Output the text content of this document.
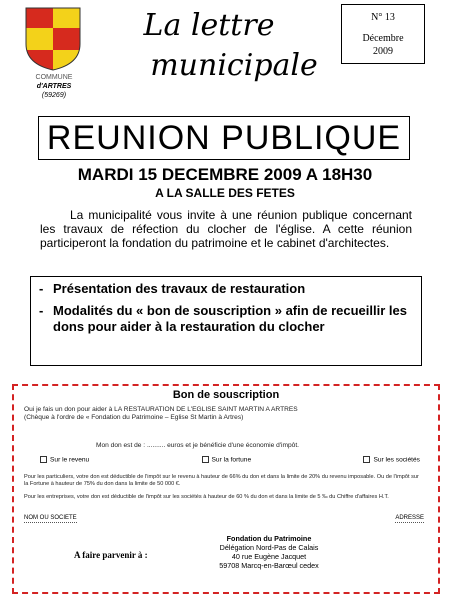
COMMUNE
d'ARTRES
(59269)
La lettre
municipale
N° 13
Décembre
2009
REUNION PUBLIQUE
MARDI 15 DECEMBRE 2009 A 18H30
A LA SALLE DES FETES
La municipalité vous invite à une réunion publique concernant les travaux de réfection du clocher de l'église. A cette réunion participeront la fondation du patrimoine et le cabinet d'architectes.
- Présentation des travaux de restauration
- Modalités du « bon de souscription » afin de recueillir les dons pour aider à la restauration du clocher
Bon de souscription
Oui je fais un don pour aider à LA RESTAURATION DE L'EGLISE SAINT MARTIN A ARTRES
(Chèque à l'ordre de « Fondation du Patrimoine – Eglise St Martin à Artres)
Mon don est de : .......... euros et je bénéficie d'une économie d'impôt.
Sur le revenu	Sur la fortune	Sur les sociétés
Pour les particuliers, votre don est déductible de l'impôt sur le revenu à hauteur de 66% du don et dans la limite de 20% du revenu imposable. Ou de l'impôt sur la Fortune à hauteur de 75% du don dans la limite de 50 000 €.
Pour les entreprises, votre don est déductible de l'impôt sur les sociétés à hauteur de 60 % du don et dans la limite de 5 ‰ du Chiffre d'affaires H.T.
NOM OU SOCIETE	ADRESSE
A faire parvenir à :
Fondation du Patrimoine
Délégation Nord-Pas de Calais
40 rue Eugène Jacquet
59708 Marcq-en-Barœul cedex
